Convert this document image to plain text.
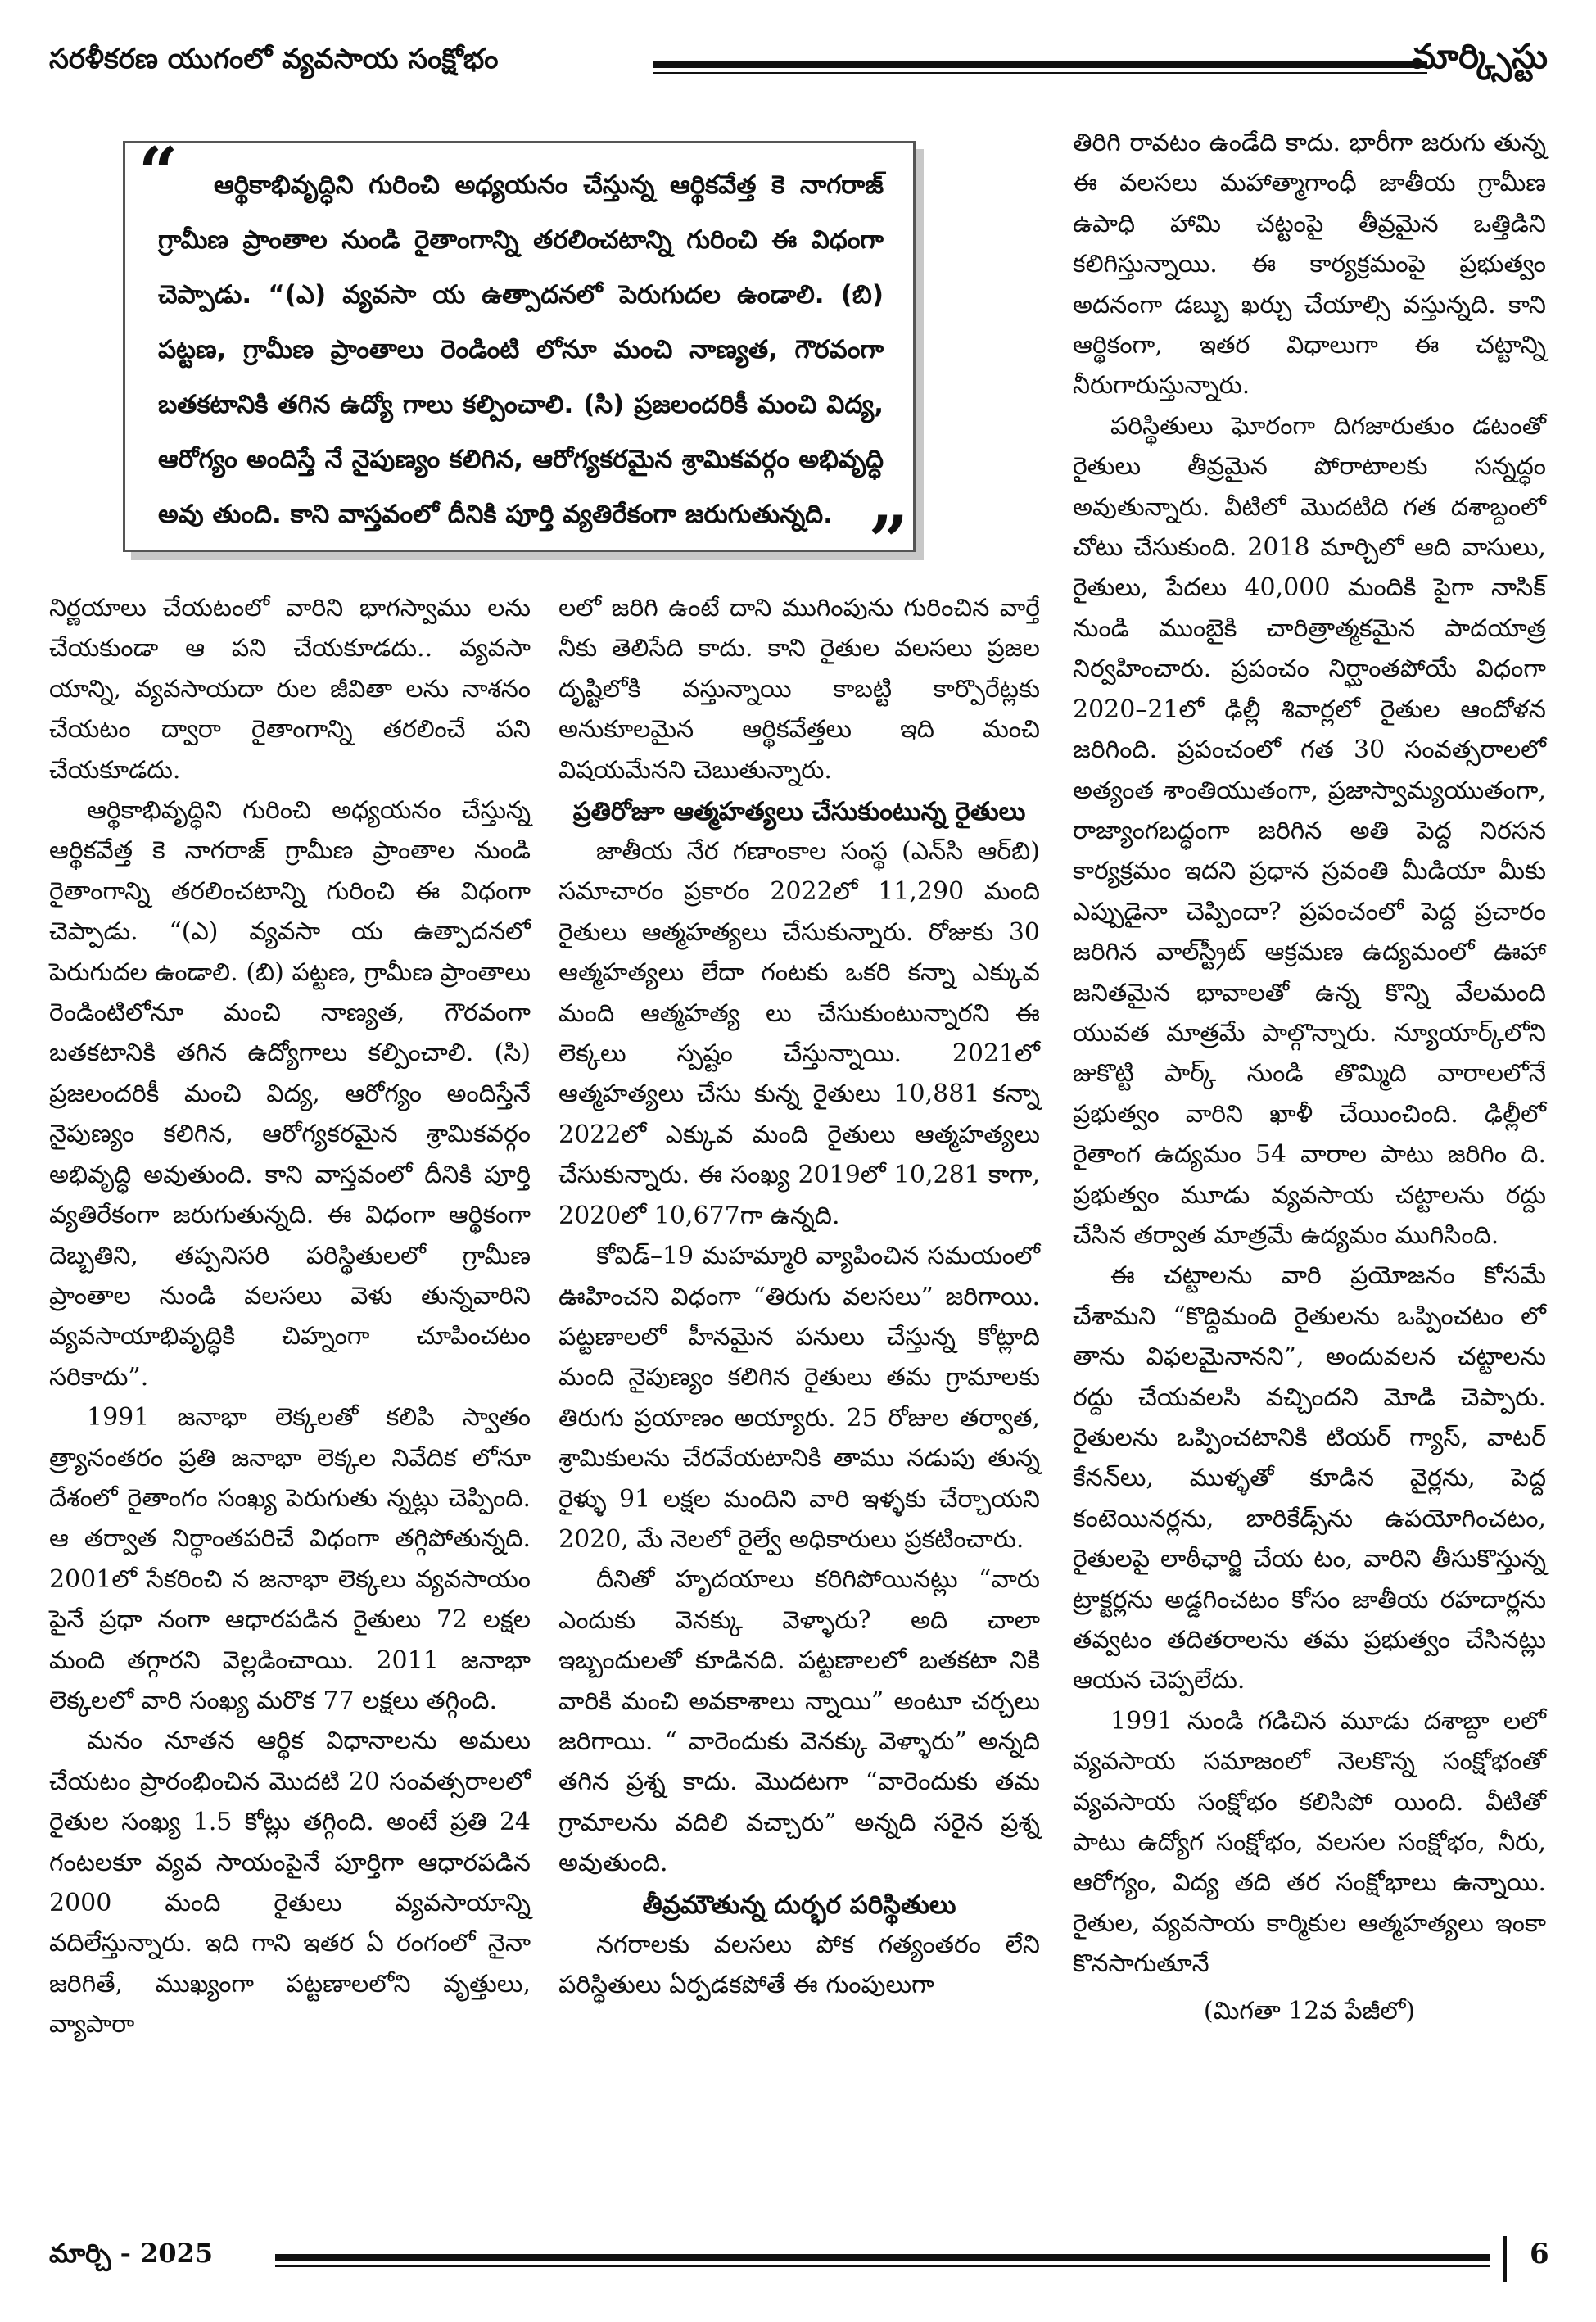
సరళీకరణ యుగంలో వ్యవసాయ సంక్షోభం	మార్క్సిస్టు
“	ఆర్థికాభివృద్ధిని గురించి అధ్యయనం చేస్తున్న ఆర్థికవేత్త కె నాగరాజ్‌ గ్రామీణ ప్రాంతాల నుండి రైతాంగాన్ని తరలించటాన్ని గురించి ఈ విధంగా చెప్పాడు. “(ఎ) వ్యవసా య ఉత్పాదనలో పెరుగుదల ఉండాలి. (బి) పట్టణ, గ్రామీణ ప్రాంతాలు రెండింటి లోనూ మంచి నాణ్యత, గౌరవంగా బతకటానికి తగిన ఉద్యో గాలు కల్పించాలి. (సి) ప్రజలందరికీ మంచి విద్య, ఆరోగ్యం అందిస్తే నే నైపుణ్యం కలిగిన, ఆరోగ్యకరమైన శ్రామికవర్గం అభివృద్ధి అవు తుంది. కాని వాస్తవంలో దీనికి పూర్తి వ్యతిరేకంగా జరుగుతున్నది. ”

నిర్ణయాలు చేయటంలో వారిని భాగస్వాము లను చేయకుండా ఆ పని చేయకూడదు.. వ్యవసా యాన్ని, వ్యవసాయదా రుల జీవితా లను నాశనం చేయటం ద్వారా రైతాంగాన్ని తరలించే పని చేయకూడదు.

ఆర్థికాభివృద్ధిని గురించి అధ్యయనం చేస్తున్న ఆర్థికవేత్త కె నాగరాజ్‌ గ్రామీణ ప్రాంతాల నుండి రైతాంగాన్ని తరలించటాన్ని గురించి ఈ విధంగా చెప్పాడు. “(ఎ) వ్యవసా య ఉత్పాదనలో పెరుగుదల ఉండాలి. (బి) పట్టణ, గ్రామీణ ప్రాంతాలు రెండింటిలోనూ మంచి నాణ్యత, గౌరవంగా బతకటానికి తగిన ఉద్యోగాలు కల్పించాలి. (సి) ప్రజలందరికీ మంచి విద్య, ఆరోగ్యం అందిస్తేనే నైపుణ్యం కలిగిన, ఆరోగ్యకరమైన శ్రామికవర్గం అభివృద్ధి అవుతుంది. కాని వాస్తవంలో దీనికి పూర్తి వ్యతిరేకంగా జరుగుతున్నది. ఈ విధంగా ఆర్థికంగా దెబ్బతిని, తప్పనిసరి పరిస్థితులలో గ్రామీణ ప్రాంతాల నుండి వలసలు వెళు తున్నవారిని వ్యవసాయాభివృద్ధికి చిహ్నంగా చూపించటం సరికాదు”.

1991 జనాభా లెక్కలతో కలిపి స్వాతం త్ర్యానంతరం ప్రతి జనాభా లెక్కల నివేదిక లోనూ దేశంలో రైతాంగం సంఖ్య పెరుగుతు న్నట్లు చెప్పింది. ఆ తర్వాత నిర్ధాంతపరిచే విధంగా తగ్గిపోతున్నది. 2001లో సేకరించి న జనాభా లెక్కలు వ్యవసాయం పైనే ప్రధా నంగా ఆధారపడిన రైతులు 72 లక్షల మంది తగ్గారని వెల్లడించాయి. 2011 జనాభా లెక్కలలో వారి సంఖ్య మరొక 77 లక్షలు తగ్గింది.

మనం నూతన ఆర్థిక విధానాలను అమలు చేయటం ప్రారంభించిన మొదటి 20 సంవత్సరాలలో రైతుల సంఖ్య 1.5 కోట్లు తగ్గింది. అంటే ప్రతి 24 గంటలకూ వ్యవ సాయంపైనే పూర్తిగా ఆధారపడిన 2000 మంది రైతులు వ్యవసాయాన్ని వదిలేస్తున్నారు. ఇది గాని ఇతర ఏ రంగంలో నైనా జరిగితే, ముఖ్యంగా పట్టణాలలోని వృత్తులు, వ్యాపారా

లలో జరిగి ఉంటే దాని ముగింపును గురించిన వార్తే నీకు తెలిసేది కాదు. కాని రైతుల వలసలు ప్రజల దృష్టిలోకి వస్తున్నాయి కాబట్టి కార్పొరేట్లకు అనుకూలమైన ఆర్థికవేత్తలు ఇది మంచి విషయమేనని చెబుతున్నారు.

ప్రతిరోజూ ఆత్మహత్యలు చేసుకుంటున్న రైతులు

జాతీయ నేర గణాంకాల సంస్థ (ఎన్‌సి ఆర్‌బి) సమాచారం ప్రకారం 2022లో 11,290 మంది రైతులు ఆత్మహత్యలు చేసుకున్నారు. రోజుకు 30 ఆత్మహత్యలు లేదా గంటకు ఒకరి కన్నా ఎక్కువ మంది ఆత్మహత్య లు చేసుకుంటున్నారని ఈ లెక్కలు స్పష్టం చేస్తున్నాయి. 2021లో ఆత్మహత్యలు చేసు కున్న రైతులు 10,881 కన్నా 2022లో ఎక్కువ మంది రైతులు ఆత్మహత్యలు చేసుకున్నారు. ఈ సంఖ్య 2019లో 10,281 కాగా, 2020లో 10,677గా ఉన్నది.

కోవిడ్‌–19 మహమ్మారి వ్యాపించిన సమయంలో ఊహించని విధంగా “తిరుగు వలసలు” జరిగాయి. పట్టణాలలో హీనమైన పనులు చేస్తున్న కోట్లాది మంది నైపుణ్యం కలిగిన రైతులు తమ గ్రామాలకు తిరుగు ప్రయాణం అయ్యారు. 25 రోజుల తర్వాత, శ్రామికులను చేరవేయటానికి తాము నడుపు తున్న రైళ్ళు 91 లక్షల మందిని వారి ఇళ్ళకు చేర్చాయని 2020, మే నెలలో రైల్వే అధికారులు ప్రకటించారు.

దీనితో హృదయాలు కరిగిపోయినట్లు “వారు ఎందుకు వెనక్కు వెళ్ళారు? అది చాలా ఇబ్బందులతో కూడినది. పట్టణాలలో బతకటా నికి వారికి మంచి అవకాశాలు న్నాయి” అంటూ చర్చలు జరిగాయి. “ వారెందుకు వెనక్కు వెళ్ళారు” అన్నది తగిన ప్రశ్న కాదు. మొదటగా “వారెందుకు తమ గ్రామాలను వదిలి వచ్చారు” అన్నది సరైన ప్రశ్న అవుతుంది.

తీవ్రమౌతున్న దుర్భర పరిస్థితులు

నగరాలకు వలసలు పోక గత్యంతరం లేని పరిస్థితులు ఏర్పడకపోతే ఈ గుంపులుగా

తిరిగి రావటం ఉండేది కాదు. భారీగా జరుగు తున్న ఈ వలసలు మహాత్మాగాంధీ జాతీయ గ్రామీణ ఉపాధి హామి చట్టంపై తీవ్రమైన ఒత్తిడిని కలిగిస్తున్నాయి. ఈ కార్యక్రమంపై ప్రభుత్వం అదనంగా డబ్బు ఖర్చు చేయాల్సి వస్తున్నది. కాని ఆర్థికంగా, ఇతర విధాలుగా ఈ చట్టాన్ని నీరుగారుస్తున్నారు.

పరిస్థితులు ఘోరంగా దిగజారుతుం డటంతో రైతులు తీవ్రమైన పోరాటాలకు సన్నద్ధం అవుతున్నారు. వీటిలో మొదటిది గత దశాబ్దంలో చోటు చేసుకుంది. 2018 మార్చిలో ఆది వాసులు, రైతులు, పేదలు 40,000 మందికి పైగా నాసిక్‌ నుండి ముంబైకి చారిత్రాత్మకమైన పాదయాత్ర నిర్వహించారు. ప్రపంచం నిర్ఘాంతపోయే విధంగా 2020–21లో ఢిల్లీ శివార్లలో రైతుల ఆందోళన జరిగింది. ప్రపంచంలో గత 30 సంవత్సరాలలో అత్యంత శాంతియుతంగా, ప్రజాస్వామ్యయుతంగా, రాజ్యాంగబద్ధంగా జరిగిన అతి పెద్ద నిరసన కార్యక్రమం ఇదని ప్రధాన స్రవంతి మీడియా మీకు ఎప్పుడైనా చెప్పిందా? ప్రపంచంలో పెద్ద ప్రచారం జరిగిన వాల్‌స్ట్రీట్‌ ఆక్రమణ ఉద్యమంలో ఊహా జనితమైన భావాలతో ఉన్న కొన్ని వేలమంది యువత మాత్రమే పాల్గొన్నారు. న్యూయార్క్‌లోని జుకొట్టి పార్క్‌ నుండి తొమ్మిది వారాలలోనే ప్రభుత్వం వారిని ఖాళీ చేయించింది. ఢిల్లీలో రైతాంగ ఉద్యమం 54 వారాల పాటు జరిగిం ది. ప్రభుత్వం మూడు వ్యవసాయ చట్టాలను రద్దు చేసిన తర్వాత మాత్రమే ఉద్యమం ముగిసింది.

ఈ చట్టాలను వారి ప్రయోజనం కోసమే చేశామని “కొద్దిమంది రైతులను ఒప్పించటం లో తాను విఫలమైనానని”, అందువలన చట్టాలను రద్దు చేయవలసి వచ్చిందని మోడి చెప్పారు. రైతులను ఒప్పించటానికి టియర్‌ గ్యాస్‌, వాటర్‌ కేనన్‌లు, ముళ్ళతో కూడిన వైర్లను, పెద్ద కంటెయినర్లను, బారికేడ్స్‌ను ఉపయోగించటం, రైతులపై లాఠీఛార్జి చేయ టం, వారిని తీసుకొస్తున్న ట్రాక్టర్లను అడ్డగించటం కోసం జాతీయ రహదార్లను తవ్వటం తదితరాలను తమ ప్రభుత్వం చేసినట్లు ఆయన చెప్పలేదు.

1991 నుండి గడిచిన మూడు దశాబ్దా లలో వ్యవసాయ సమాజంలో నెలకొన్న సంక్షోభంతో వ్యవసాయ సంక్షోభం కలిసిపో యింది. వీటితో పాటు ఉద్యోగ సంక్షోభం, వలసల సంక్షోభం, నీరు, ఆరోగ్యం, విద్య తది తర సంక్షోభాలు ఉన్నాయి. రైతుల, వ్యవసాయ కార్మికుల ఆత్మహత్యలు ఇంకా కొనసాగుతూనే

(మిగతా 12వ పేజీలో)

మార్చి - 2025	6
